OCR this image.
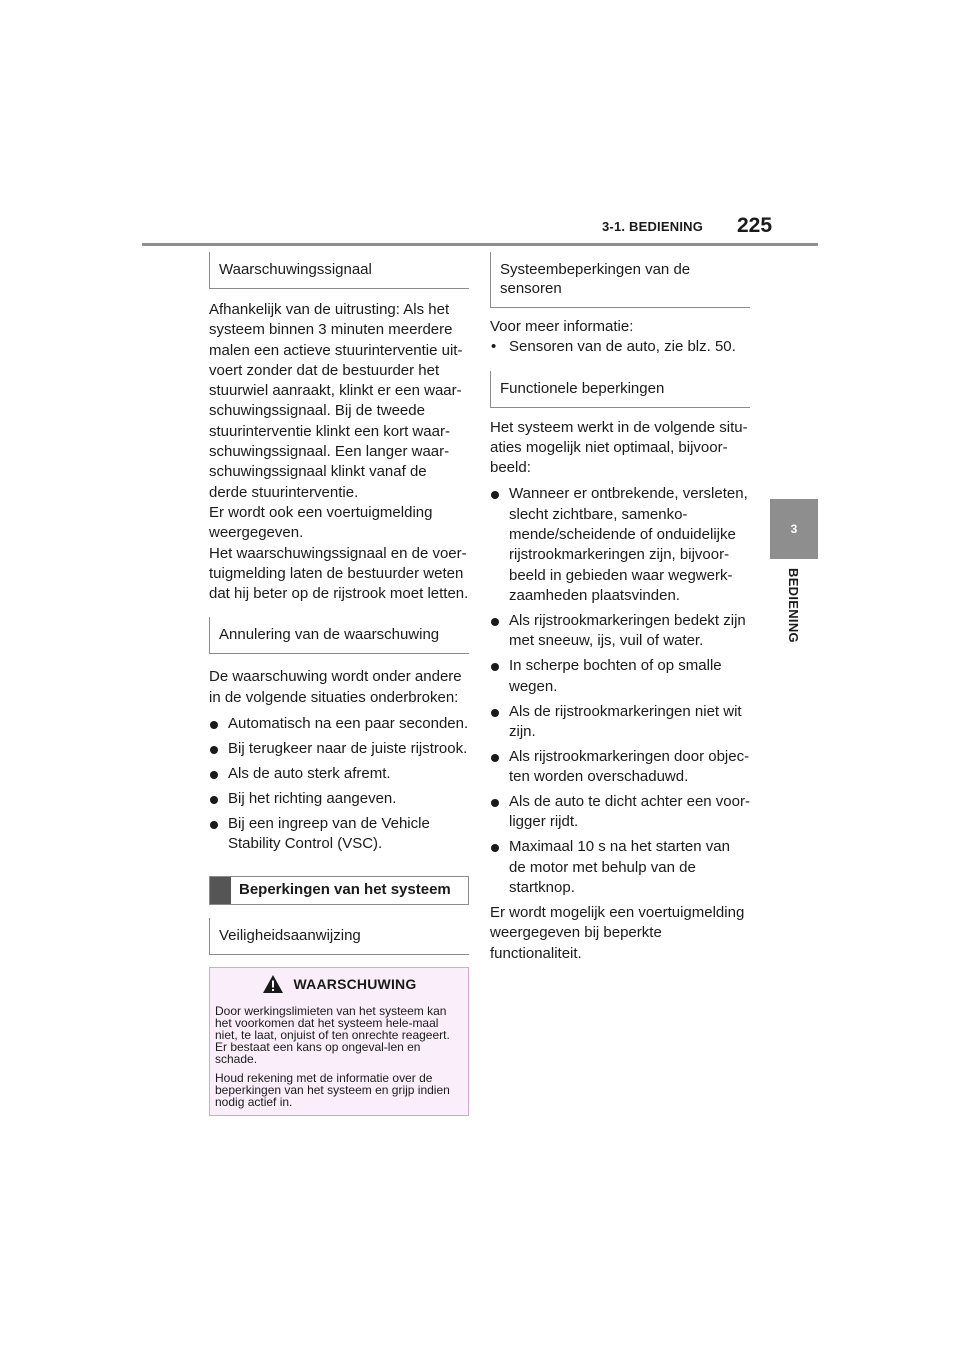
3-1. BEDIENING 225
3
BEDIENING
Waarschuwingssignaal

Afhankelijk van de uitrusting: Als het systeem binnen 3 minuten meerdere malen een actieve stuurinterventie uit-voert zonder dat de bestuurder het stuurwiel aanraakt, klinkt er een waar-schuwingssignaal. Bij de tweede stuurinterventie klinkt een kort waar-schuwingssignaal. Een langer waar-schuwingssignaal klinkt vanaf de derde stuurinterventie.

Er wordt ook een voertuigmelding weergegeven.

Het waarschuwingssignaal en de voer-tuigmelding laten de bestuurder weten dat hij beter op de rijstrook moet letten.

Annulering van de waarschuwing

De waarschuwing wordt onder andere in de volgende situaties onderbroken:

Automatisch na een paar seconden.
Bij terugkeer naar de juiste rijstrook.
Als de auto sterk afremt.
Bij het richting aangeven.
Bij een ingreep van de Vehicle Stability Control (VSC).
Beperkingen van het systeem
Veiligheidsaanwijzing
WAARSCHUWING

Door werkingslimieten van het systeem kan het voorkomen dat het systeem hele-maal niet, te laat, onjuist of ten onrechte reageert. Er bestaat een kans op ongeval-len en schade.

Houd rekening met de informatie over de beperkingen van het systeem en grijp indien nodig actief in.

Systeembeperkingen van de sensoren

Voor meer informatie:

• Sensoren van de auto, zie blz. 50.
Functionele beperkingen

Het systeem werkt in de volgende situ-aties mogelijk niet optimaal, bijvoor-beeld:

Wanneer er ontbrekende, versleten, slecht zichtbare, samenko-mende/scheidende of onduidelijke rijstrookmarkeringen zijn, bijvoor-beeld in gebieden waar wegwerk-zaamheden plaatsvinden.
Als rijstrookmarkeringen bedekt zijn met sneeuw, ijs, vuil of water.
In scherpe bochten of op smalle wegen.
Als de rijstrookmarkeringen niet wit zijn.
Als rijstrookmarkeringen door objec-ten worden overschaduwd.
Als de auto te dicht achter een voor-ligger rijdt.
Maximaal 10 s na het starten van de motor met behulp van de startknop.

Er wordt mogelijk een voertuigmelding weergegeven bij beperkte functionaliteit.
